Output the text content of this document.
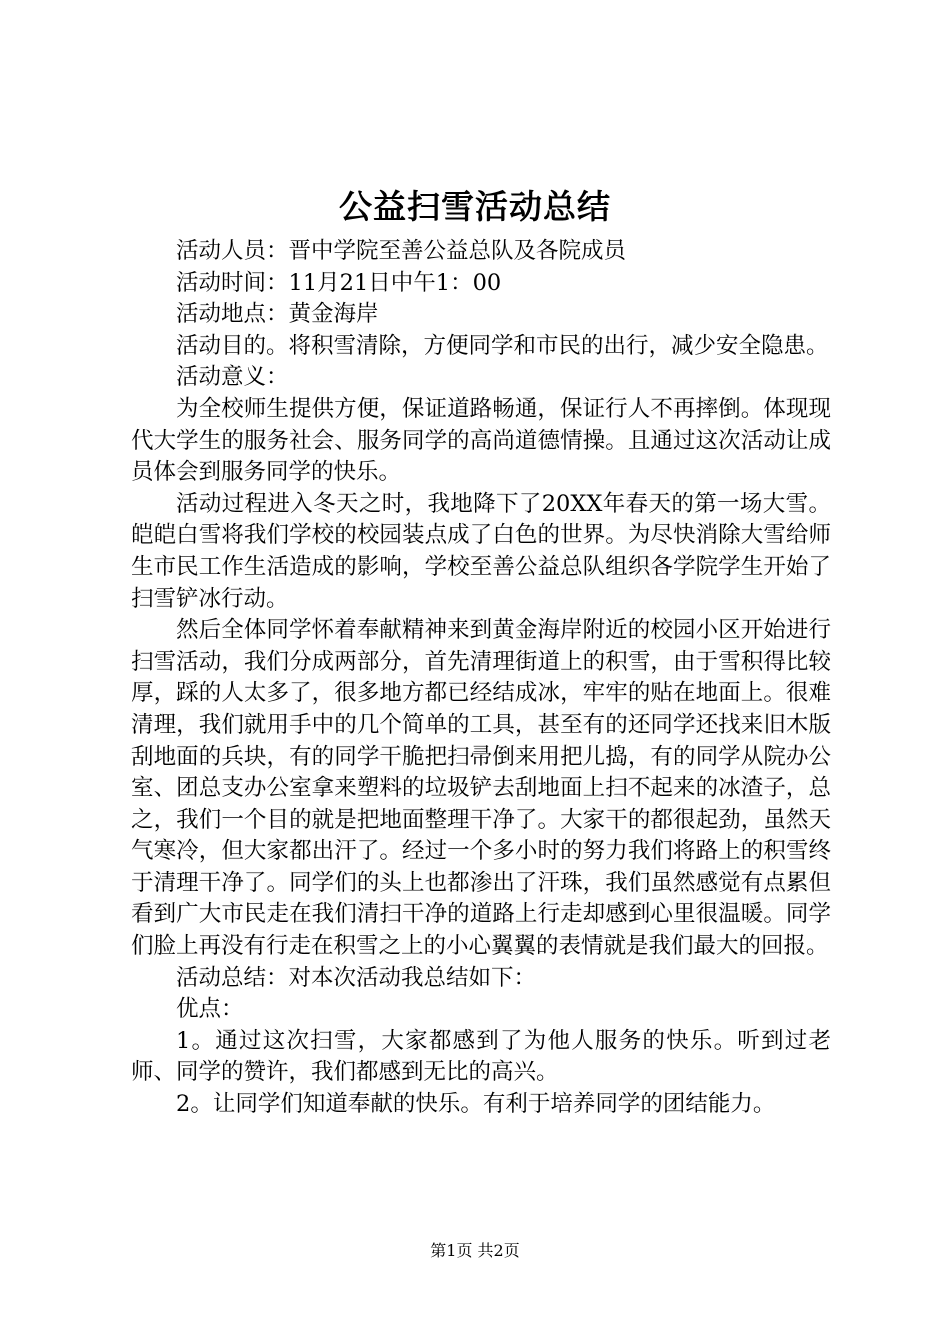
公益扫雪活动总结

活动人员：晋中学院至善公益总队及各院成员

活动时间：11月21日中午1：00

活动地点：黄金海岸

活动目的。将积雪清除，方便同学和市民的出行，减少安全隐患。

活动意义：

为全校师生提供方便，保证道路畅通，保证行人不再摔倒。体现现代大学生的服务社会、服务同学的高尚道德情操。且通过这次活动让成员体会到服务同学的快乐。

活动过程进入冬天之时，我地降下了20XX年春天的第一场大雪。皑皑白雪将我们学校的校园装点成了白色的世界。为尽快消除大雪给师生市民工作生活造成的影响，学校至善公益总队组织各学院学生开始了扫雪铲冰行动。

然后全体同学怀着奉献精神来到黄金海岸附近的校园小区开始进行扫雪活动，我们分成两部分，首先清理街道上的积雪，由于雪积得比较厚，踩的人太多了，很多地方都已经结成冰，牢牢的贴在地面上。很难清理，我们就用手中的几个简单的工具，甚至有的还同学还找来旧木版刮地面的兵块，有的同学干脆把扫帚倒来用把儿捣，有的同学从院办公室、团总支办公室拿来塑料的垃圾铲去刮地面上扫不起来的冰渣子，总之，我们一个目的就是把地面整理干净了。大家干的都很起劲，虽然天气寒冷，但大家都出汗了。经过一个多小时的努力我们将路上的积雪终于清理干净了。同学们的头上也都渗出了汗珠，我们虽然感觉有点累但看到广大市民走在我们清扫干净的道路上行走却感到心里很温暖。同学们脸上再没有行走在积雪之上的小心翼翼的表情就是我们最大的回报。

活动总结：对本次活动我总结如下：

优点：

1。通过这次扫雪，大家都感到了为他人服务的快乐。听到过老师、同学的赞许，我们都感到无比的高兴。

2。让同学们知道奉献的快乐。有利于培养同学的团结能力。

第1页 共2页
